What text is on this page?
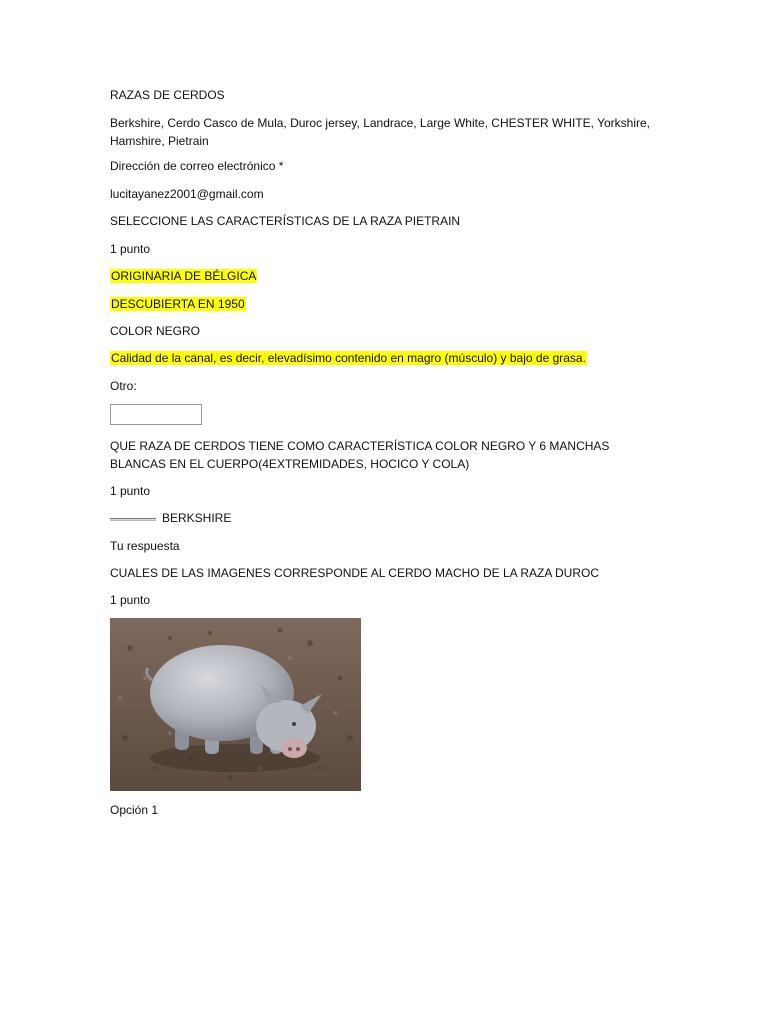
RAZAS DE CERDOS
Berkshire, Cerdo Casco de Mula, Duroc jersey, Landrace, Large White, CHESTER WHITE, Yorkshire, Hamshire, Pietrain
Dirección de correo electrónico *
lucitayanez2001@gmail.com
SELECCIONE LAS CARACTERÍSTICAS DE LA RAZA PIETRAIN
1 punto
ORIGINARIA DE BÉLGICA
DESCUBIERTA EN 1950
COLOR NEGRO
Calidad de la canal, es decir, elevadísimo contenido en magro (músculo) y bajo de grasa.
Otro:
QUE RAZA DE CERDOS TIENE COMO CARACTERÍSTICA COLOR NEGRO Y 6 MANCHAS BLANCAS EN EL CUERPO(4EXTREMIDADES, HOCICO Y COLA)
1 punto
BERKSHIRE
Tu respuesta
CUALES DE LAS IMAGENES CORRESPONDE AL CERDO MACHO DE LA RAZA DUROC
1 punto
Opción 1
